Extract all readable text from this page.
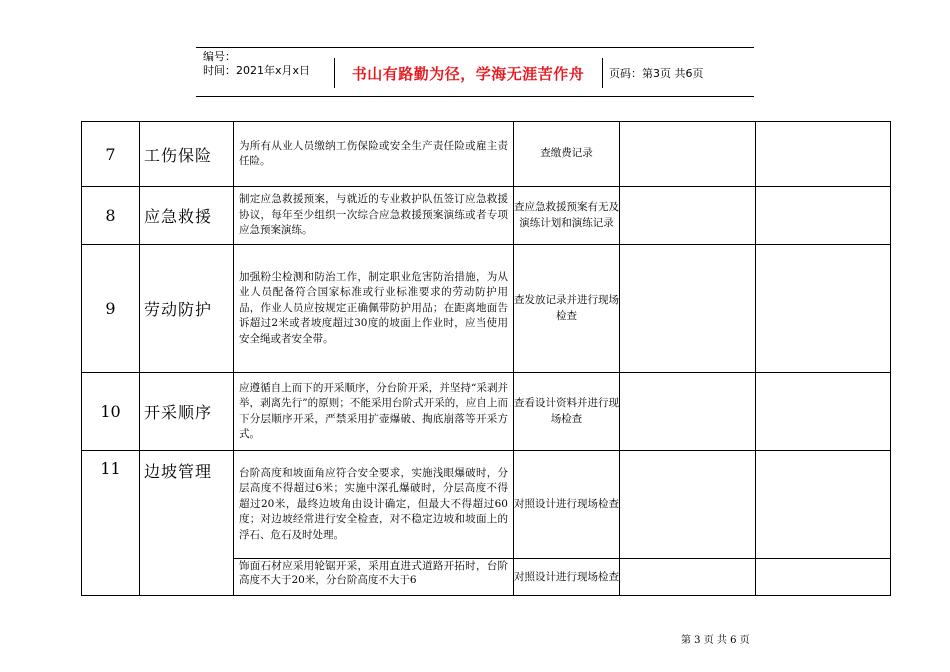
编号：
时间：2021年x月x日	书山有路勤为径，学海无涯苦作舟	页码：第3页 共6页
7	工伤保险	为所有从业人员缴纳工伤保险或安全生产责任险或雇主责任险。	查缴费记录		
8	应急救援	制定应急救援预案，与就近的专业救护队伍签订应急救援协议，每年至少组织一次综合应急救援预案演练或者专项应急预案演练。	查应急救援预案有无及演练计划和演练记录		
9	劳动防护	加强粉尘检测和防治工作，制定职业危害防治措施，为从业人员配备符合国家标准或行业标准要求的劳动防护用品，作业人员应按规定正确佩带防护用品；在距离地面告诉超过2米或者坡度超过30度的坡面上作业时，应当使用安全绳或者安全带。	查发放记录并进行现场检查		
10	开采顺序	应遵循自上而下的开采顺序，分台阶开采，并坚持“采剥并举，剥离先行”的原则；不能采用台阶式开采的，应自上而下分层顺序开采，严禁采用扩壶爆破、掏底崩落等开采方式。	查看设计资料并进行现场检查		
11	边坡管理	台阶高度和坡面角应符合安全要求，实施浅眼爆破时，分层高度不得超过6米；实施中深孔爆破时，分层高度不得超过20米，最终边坡角由设计确定，但最大不得超过60度；对边坡经常进行安全检查，对不稳定边坡和坡面上的浮石、危石及时处理。	对照设计进行现场检查		
		饰面石材应采用轮锯开采，采用直进式道路开拓时，台阶高度不大于20米，分台阶高度不大于6	对照设计进行现场检查		
第 3 页 共 6 页
